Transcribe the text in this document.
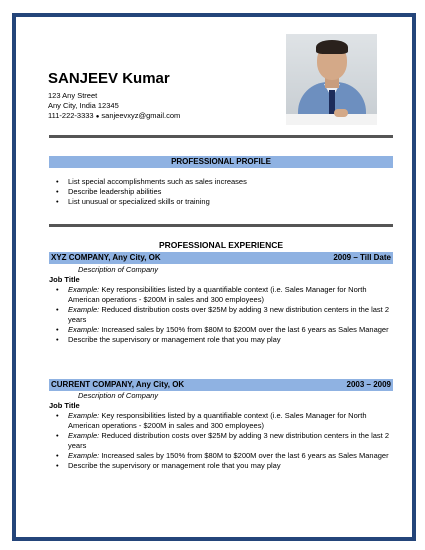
SANJEEV Kumar
123 Any Street
Any City, India 12345
111-222-3333 ● sanjeevxyz@gmail.com
PROFESSIONAL PROFILE
• List special accomplishments such as sales increases
• Describe leadership abilities
• List unusual or specialized skills or training
PROFESSIONAL EXPERIENCE
XYZ COMPANY, Any City, OK	2009 – Till Date
Description of Company
Job Title
• Example: Key responsibilities listed by a quantifiable context (i.e. Sales Manager for North American operations - $200M in sales and 300 employees)
• Example: Reduced distribution costs over $25M by adding 3 new distribution centers in the last 2 years
• Example: Increased sales by 150% from $80M to $200M over the last 6 years as Sales Manager
• Describe the supervisory or management role that you may play
CURRENT COMPANY, Any City, OK	2003 – 2009
Description of Company
Job Title
• Example: Key responsibilities listed by a quantifiable context (i.e. Sales Manager for North American operations - $200M in sales and 300 employees)
• Example: Reduced distribution costs over $25M by adding 3 new distribution centers in the last 2 years
• Example: Increased sales by 150% from $80M to $200M over the last 6 years as Sales Manager
• Describe the supervisory or management role that you may play
